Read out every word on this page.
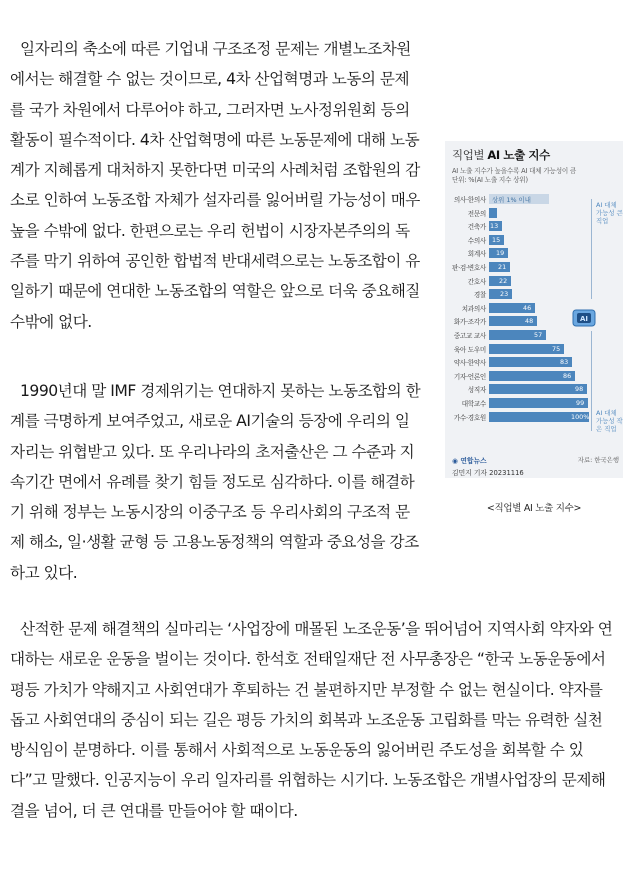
일자리의 축소에 따른 기업내 구조조정 문제는 개별노조차원
에서는 해결할 수 없는 것이므로, 4차 산업혁명과 노동의 문제
를 국가 차원에서 다루어야 하고, 그러자면 노사정위원회 등의
활동이 필수적이다. 4차 산업혁명에 따른 노동문제에 대해 노동
계가 지혜롭게 대처하지 못한다면 미국의 사례처럼 조합원의 감
소로 인하여 노동조합 자체가 설자리를 잃어버릴 가능성이 매우
높을 수밖에 없다. 한편으로는 우리 헌법이 시장자본주의의 독
주를 막기 위하여 공인한 합법적 반대세력으로는 노동조합이 유
일하기 때문에 연대한 노동조합의 역할은 앞으로 더욱 중요해질
수밖에 없다.
1990년대 말 IMF 경제위기는 연대하지 못하는 노동조합의 한
계를 극명하게 보여주었고, 새로운 AI기술의 등장에 우리의 일
자리는 위협받고 있다. 또 우리나라의 초저출산은 그 수준과 지
속기간 면에서 유례를 찾기 힘들 정도로 심각하다. 이를 해결하
기 위해 정부는 노동시장의 이중구조 등 우리사회의 구조적 문
제 해소, 일·생활 균형 등 고용노동정책의 역할과 중요성을 강조
하고 있다.
산적한 문제 해결책의 실마리는 ‘사업장에 매몰된 노조운동’을 뛰어넘어 지역사회 약자와 연
대하는 새로운 운동을 벌이는 것이다. 한석호 전태일재단 전 사무총장은 “한국 노동운동에서
평등 가치가 약해지고 사회연대가 후퇴하는 건 불편하지만 부정할 수 없는 현실이다. 약자를
돕고 사회연대의 중심이 되는 길은 평등 가치의 회복과 노조운동 고립화를 막는 유력한 실천
방식임이 분명하다. 이를 통해서 사회적으로 노동운동의 잃어버린 주도성을 회복할 수 있
다”고 말했다. 인공지능이 우리 일자리를 위협하는 시기다. 노동조합은 개별사업장의 문제해
결을 넘어, 더 큰 연대를 만들어야 할 때이다.
직업별 AI 노출 지수
AI 노출 지수가 높을수록 AI 대체 가능성이 큼
단위: %(AI 노출 지수 상위)
의사·한의사 상위 1% 이내
전문의 7
건축가 13
수의사 15
회계사 19
판·검·변호사 21
간호사 22
경찰 23
치과의사	46
화가·조각가	48
중고교 교사	57
육아 도우미	75
약사·한약사	83
기자·언론인	86
성직자	98
대학교수	99
가수·경호원	100%
AI 대체 가능성 큰 직업
AI
AI 대체 가능성 작은 직업
◉ 연합뉴스	자료: 한국은행
김민지 기자 20231116
<직업별 AI 노출 지수>
